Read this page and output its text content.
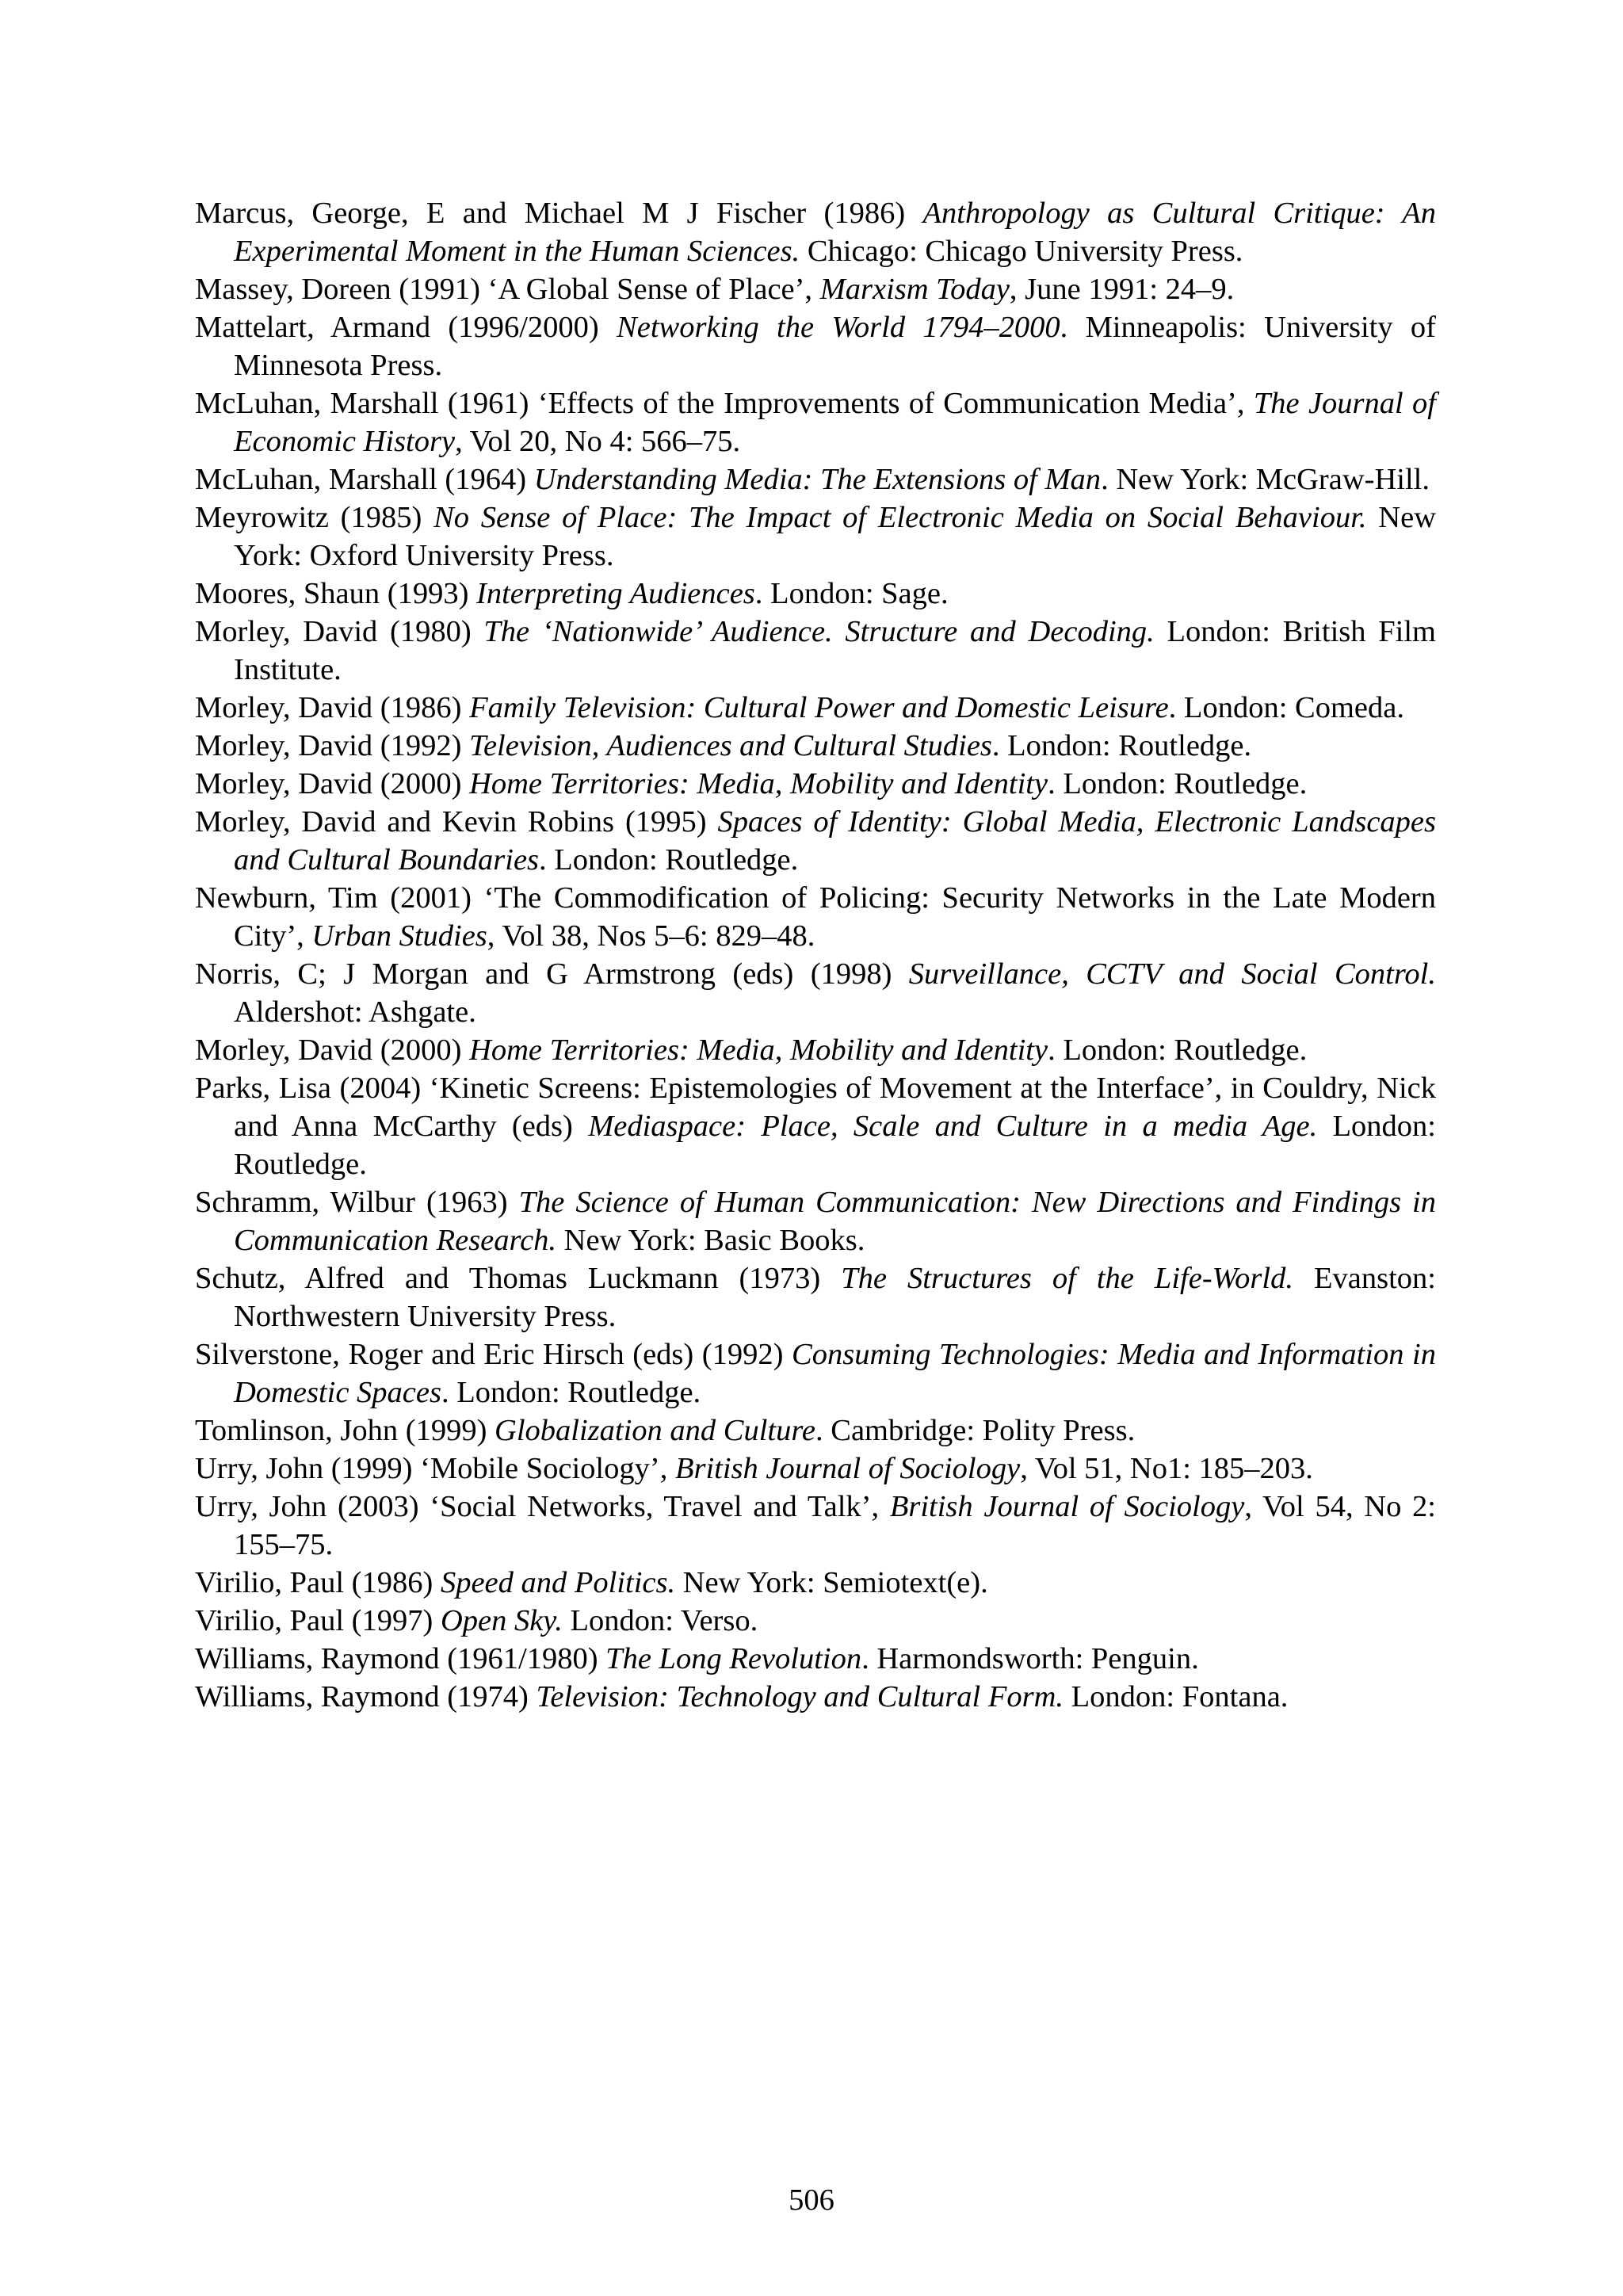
Marcus, George, E and Michael M J Fischer (1986) Anthropology as Cultural Critique: An Experimental Moment in the Human Sciences. Chicago: Chicago University Press.
Massey, Doreen (1991) ‘A Global Sense of Place’, Marxism Today, June 1991: 24–9.
Mattelart, Armand (1996/2000) Networking the World 1794–2000. Minneapolis: University of Minnesota Press.
McLuhan, Marshall (1961) ‘Effects of the Improvements of Communication Media’, The Journal of Economic History, Vol 20, No 4: 566–75.
McLuhan, Marshall (1964) Understanding Media: The Extensions of Man. New York: McGraw-Hill.
Meyrowitz (1985) No Sense of Place: The Impact of Electronic Media on Social Behaviour. New York: Oxford University Press.
Moores, Shaun (1993) Interpreting Audiences. London: Sage.
Morley, David (1980) The ‘Nationwide’ Audience. Structure and Decoding. London: British Film Institute.
Morley, David (1986) Family Television: Cultural Power and Domestic Leisure. London: Comeda.
Morley, David (1992) Television, Audiences and Cultural Studies. London: Routledge.
Morley, David (2000) Home Territories: Media, Mobility and Identity. London: Routledge.
Morley, David and Kevin Robins (1995) Spaces of Identity: Global Media, Electronic Landscapes and Cultural Boundaries. London: Routledge.
Newburn, Tim (2001) ‘The Commodification of Policing: Security Networks in the Late Modern City’, Urban Studies, Vol 38, Nos 5–6: 829–48.
Norris, C; J Morgan and G Armstrong (eds) (1998) Surveillance, CCTV and Social Control. Aldershot: Ashgate.
Morley, David (2000) Home Territories: Media, Mobility and Identity. London: Routledge.
Parks, Lisa (2004) ‘Kinetic Screens: Epistemologies of Movement at the Interface’, in Couldry, Nick and Anna McCarthy (eds) Mediaspace: Place, Scale and Culture in a media Age. London: Routledge.
Schramm, Wilbur (1963) The Science of Human Communication: New Directions and Findings in Communication Research. New York: Basic Books.
Schutz, Alfred and Thomas Luckmann (1973) The Structures of the Life-World. Evanston: Northwestern University Press.
Silverstone, Roger and Eric Hirsch (eds) (1992) Consuming Technologies: Media and Information in Domestic Spaces. London: Routledge.
Tomlinson, John (1999) Globalization and Culture. Cambridge: Polity Press.
Urry, John (1999) ‘Mobile Sociology’, British Journal of Sociology, Vol 51, No1: 185–203.
Urry, John (2003) ‘Social Networks, Travel and Talk’, British Journal of Sociology, Vol 54, No 2: 155–75.
Virilio, Paul (1986) Speed and Politics. New York: Semiotext(e).
Virilio, Paul (1997) Open Sky. London: Verso.
Williams, Raymond (1961/1980) The Long Revolution. Harmondsworth: Penguin.
Williams, Raymond (1974) Television: Technology and Cultural Form. London: Fontana.
506
